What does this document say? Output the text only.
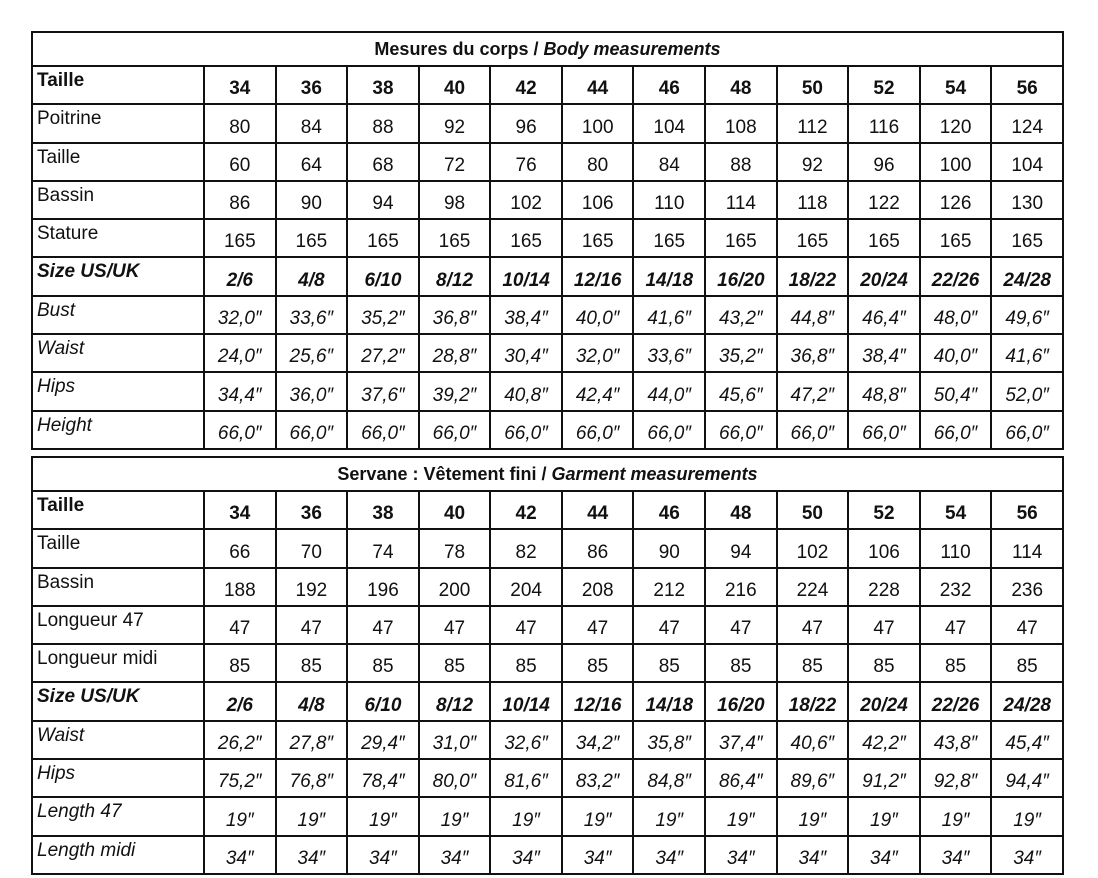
Mesures du corps / Body measurements												
Taille	34	36	38	40	42	44	46	48	50	52	54	56
Poitrine	80	84	88	92	96	100	104	108	112	116	120	124
Taille	60	64	68	72	76	80	84	88	92	96	100	104
Bassin	86	90	94	98	102	106	110	114	118	122	126	130
Stature	165	165	165	165	165	165	165	165	165	165	165	165
Size US/UK	2/6	4/8	6/10	8/12	10/14	12/16	14/18	16/20	18/22	20/24	22/26	24/28
Bust	32,0″	33,6″	35,2″	36,8″	38,4″	40,0″	41,6″	43,2″	44,8″	46,4″	48,0″	49,6″
Waist	24,0″	25,6″	27,2″	28,8″	30,4″	32,0″	33,6″	35,2″	36,8″	38,4″	40,0″	41,6″
Hips	34,4″	36,0″	37,6″	39,2″	40,8″	42,4″	44,0″	45,6″	47,2″	48,8″	50,4″	52,0″
Height	66,0″	66,0″	66,0″	66,0″	66,0″	66,0″	66,0″	66,0″	66,0″	66,0″	66,0″	66,0″
Servane : Vêtement fini / Garment measurements												
Taille	34	36	38	40	42	44	46	48	50	52	54	56
Taille	66	70	74	78	82	86	90	94	102	106	110	114
Bassin	188	192	196	200	204	208	212	216	224	228	232	236
Longueur 47	47	47	47	47	47	47	47	47	47	47	47	47
Longueur midi	85	85	85	85	85	85	85	85	85	85	85	85
Size US/UK	2/6	4/8	6/10	8/12	10/14	12/16	14/18	16/20	18/22	20/24	22/26	24/28
Waist	26,2″	27,8″	29,4″	31,0″	32,6″	34,2″	35,8″	37,4″	40,6″	42,2″	43,8″	45,4″
Hips	75,2″	76,8″	78,4″	80,0″	81,6″	83,2″	84,8″	86,4″	89,6″	91,2″	92,8″	94,4″
Length 47	19″	19″	19″	19″	19″	19″	19″	19″	19″	19″	19″	19″
Length midi	34″	34″	34″	34″	34″	34″	34″	34″	34″	34″	34″	34″
